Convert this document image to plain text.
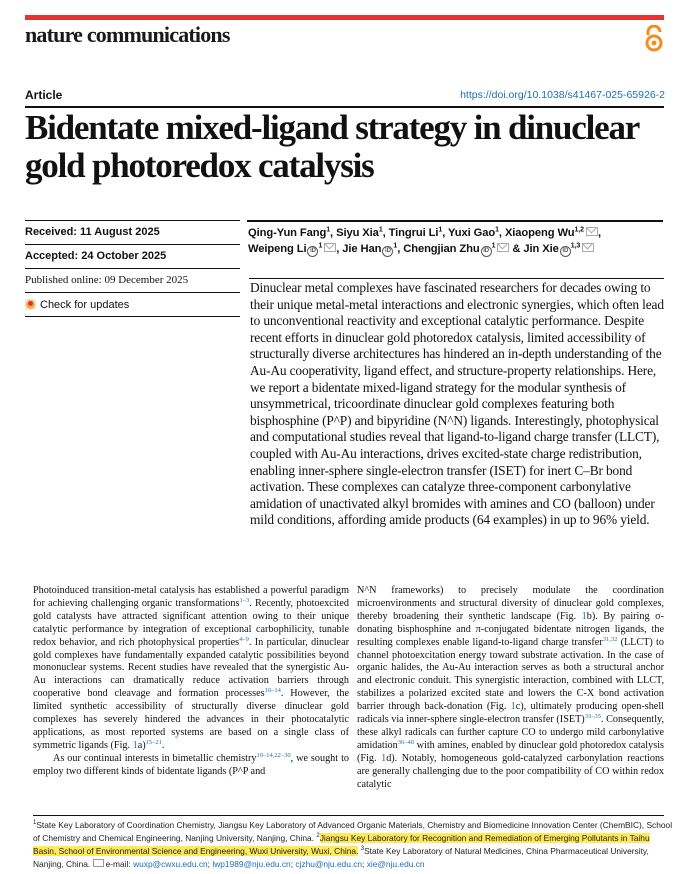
nature communications
Article	https://doi.org/10.1038/s41467-025-65926-2
Bidentate mixed-ligand strategy in dinuclear gold photoredox catalysis
Received: 11 August 2025
Accepted: 24 October 2025
Published online: 09 December 2025
Check for updates
Qing-Yun Fang$^1$, Siyu Xia$^1$, Tingrui Li$^1$, Yuxi Gao$^1$, Xiaopeng Wu$^{1,2}$ ,
Weipeng Li $iD^1$ , Jie Han $iD^1$, Chengjian Zhu $iD^1$ & Jin Xie iD$^{1,3}$
Dinuclear metal complexes have fascinated researchers for decades owing to their unique metal-metal interactions and electronic synergies, which often lead to unconventional reactivity and exceptional catalytic performance. Despite recent efforts in dinuclear gold photoredox catalysis, limited accessibility of structurally diverse architectures has hindered an in-depth understanding of the Au-Au cooperativity, ligand effect, and structure-property relationships. Here, we report a bidentate mixed-ligand strategy for the modular synthesis of unsymmetrical, tricoordinate dinuclear gold complexes featuring both bisphosphine (P^P) and bipyridine (N^N) ligands. Interestingly, photophysical and computational studies reveal that ligand-to-ligand charge transfer (LLCT), coupled with Au-Au interactions, drives excited-state charge redistribution, enabling inner-sphere single-electron transfer (ISET) for inert C–Br bond activation. These complexes can catalyze three-component carbonylative amidation of unactivated alkyl bromides with amines and CO (balloon) under mild conditions, affording amide products (64 examples) in up to 96% yield.

Photoinduced transition-metal catalysis has established a powerful paradigm for achieving challenging organic transformations$^{1-3}$. Recently, photoexcited gold catalysts have attracted significant attention owing to their unique catalytic performance by integration of exceptional carbophilicity, tunable redox behavior, and rich photophysical properties$^{4-9}$. In particular, dinuclear gold complexes have fundamentally expanded catalytic possibilities beyond mononuclear systems. Recent studies have revealed that the synergistic Au-Au interactions can dramatically reduce activation barriers through cooperative bond cleavage and formation processes$^{10-14}$. However, the limited synthetic accessibility of structurally diverse dinuclear gold complexes has severely hindered the advances in their photocatalytic applications, as most reported systems are based on a single class of symmetric ligands (Fig. 1a)$^{15-21}$.

As our continual interests in bimetallic chemistry$^{10-14,22-30}$, we sought to employ two different kinds of bidentate ligands (P^P and

N^N frameworks) to precisely modulate the coordination microenvironments and structural diversity of dinuclear gold complexes, thereby broadening their synthetic landscape (Fig. 1b). By pairing σ-donating bisphosphine and π-conjugated bidentate nitrogen ligands, the resulting complexes enable ligand-to-ligand charge transfer$^{31,32}$ (LLCT) to channel photoexcitation energy toward substrate activation. In the case of organic halides, the Au-Au interaction serves as both a structural anchor and electronic conduit. This synergistic interaction, combined with LLCT, stabilizes a polarized excited state and lowers the C-X bond activation barrier through back-donation (Fig. 1c), ultimately producing open-shell radicals via inner-sphere single-electron transfer (ISET)$^{33-35}$. Consequently, these alkyl radicals can further capture CO to undergo mild carbonylative amidation$^{36-40}$ with amines, enabled by dinuclear gold photoredox catalysis (Fig. 1d). Notably, homogeneous gold-catalyzed carbonylation reactions are generally challenging due to the poor compatibility of CO within redox catalytic

$^1$State Key Laboratory of Coordination Chemistry, Jiangsu Key Laboratory of Advanced Organic Materials, Chemistry and Biomedicine Innovation Center (ChemBIC), School of Chemistry and Chemical Engineering, Nanjing University, Nanjing, China. $^2$Jiangsu Key Laboratory for Recognition and Remediation of Emerging Pollutants in Taihu Basin, School of Environmental Science and Engineering, Wuxi University, Wuxi, China. $^3$State Key Laboratory of Natural Medicines, China Pharmaceutical University, Nanjing, China. e-mail: wuxp@cwxu.edu.cn; lwp1989@nju.edu.cn; cjzhu@nju.edu.cn; xie@nju.edu.cn
